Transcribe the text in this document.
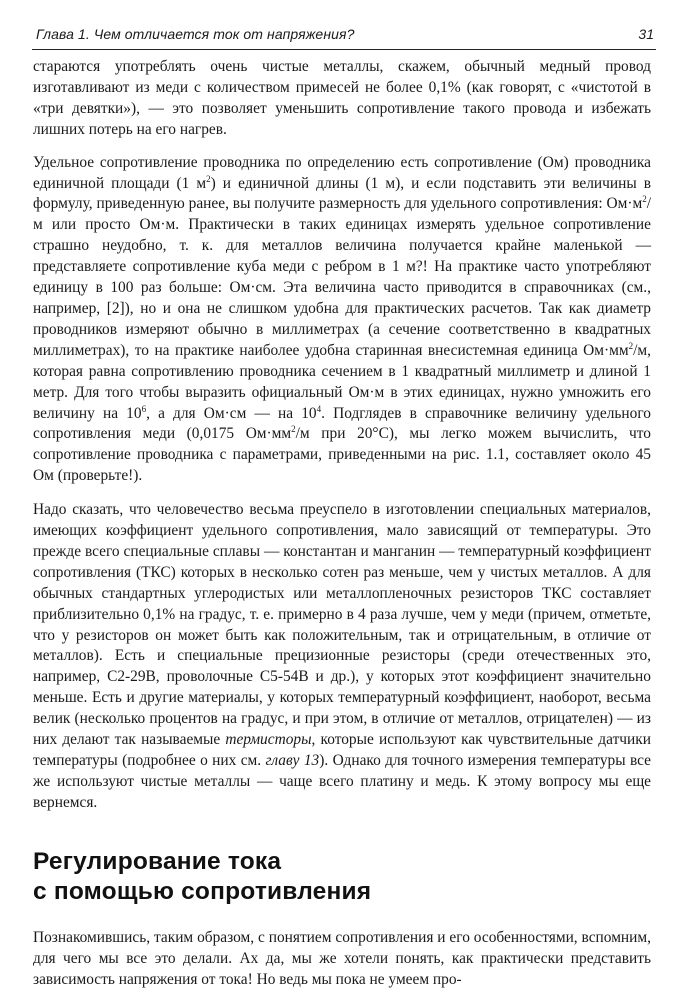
Глава 1. Чем отличается ток от напряжения?	31

стараются употреблять очень чистые металлы, скажем, обычный медный провод изготавливают из меди с количеством примесей не более 0,1% (как говорят, с «чистотой в «три девятки»), — это позволяет уменьшить сопротивление такого провода и избежать лишних потерь на его нагрев.

Удельное сопротивление проводника по определению есть сопротивление (Ом) проводника единичной площади (1 $м^2$) и единичной длины (1 м), и если подставить эти величины в формулу, приведенную ранее, вы получите размерность для удельного сопротивления: $Ом\cdot м^2/м$ или просто Ом·м. Практически в таких единицах измерять удельное сопротивление страшно неудобно, т. к. для металлов величина получается крайне маленькой — представляете сопротивление куба меди с ребром в 1 м?! На практике часто употребляют единицу в 100 раз больше: Ом·см. Эта величина часто приводится в справочниках (см., например, [2]), но и она не слишком удобна для практических расчетов. Так как диаметр проводников измеряют обычно в миллиметрах (а сечение соответственно в квадратных миллиметрах), то на практике наиболее удобна старинная внесистемная единица $Ом\cdot мм^2/м$, которая равна сопротивлению проводника сечением в 1 квадратный миллиметр и длиной 1 метр. Для того чтобы выразить официальный Ом·м в этих единицах, нужно умножить его величину на $10^6$, а для Ом·см — на $10^4$. Подглядев в справочнике величину удельного сопротивления меди (0,0175 $Ом\cdot мм^2/м$ при 20°С), мы легко можем вычислить, что сопротивление проводника с параметрами, приведенными на рис. 1.1, составляет около 45 Ом (проверьте!).

Надо сказать, что человечество весьма преуспело в изготовлении специальных материалов, имеющих коэффициент удельного сопротивления, мало зависящий от температуры. Это прежде всего специальные сплавы — константан и манганин — температурный коэффициент сопротивления (ТКС) которых в несколько сотен раз меньше, чем у чистых металлов. А для обычных стандартных углеродистых или металлопленочных резисторов ТКС составляет приблизительно 0,1% на градус, т. е. примерно в 4 раза лучше, чем у меди (причем, отметьте, что у резисторов он может быть как положительным, так и отрицательным, в отличие от металлов). Есть и специальные прецизионные резисторы (среди отечественных это, например, С2-29В, проволочные С5-54В и др.), у которых этот коэффициент значительно меньше. Есть и другие материалы, у которых температурный коэффициент, наоборот, весьма велик (несколько процентов на градус, и при этом, в отличие от металлов, отрицателен) — из них делают так называемые термисторы, которые используют как чувствительные датчики температуры (подробнее о них см. главу 13). Однако для точного измерения температуры все же используют чистые металлы — чаще всего платину и медь. К этому вопросу мы еще вернемся.

Регулирование тока
с помощью сопротивления

Познакомившись, таким образом, с понятием сопротивления и его особенностями, вспомним, для чего мы все это делали. Ах да, мы же хотели понять, как практически представить зависимость напряжения от тока! Но ведь мы пока не умеем про-
